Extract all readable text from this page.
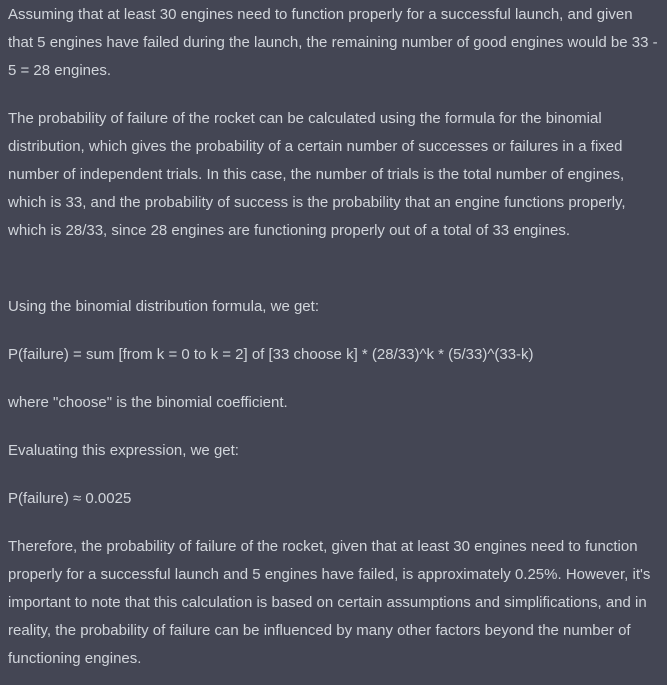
Assuming that at least 30 engines need to function properly for a successful launch, and given that 5 engines have failed during the launch, the remaining number of good engines would be 33 - 5 = 28 engines.

The probability of failure of the rocket can be calculated using the formula for the binomial distribution, which gives the probability of a certain number of successes or failures in a fixed number of independent trials. In this case, the number of trials is the total number of engines, which is 33, and the probability of success is the probability that an engine functions properly, which is 28/33, since 28 engines are functioning properly out of a total of 33 engines.

Using the binomial distribution formula, we get:

P(failure) = sum [from k = 0 to k = 2] of [33 choose k] * (28/33)^k * (5/33)^(33-k)

where "choose" is the binomial coefficient.

Evaluating this expression, we get:

P(failure) ≈ 0.0025

Therefore, the probability of failure of the rocket, given that at least 30 engines need to function properly for a successful launch and 5 engines have failed, is approximately 0.25%. However, it's important to note that this calculation is based on certain assumptions and simplifications, and in reality, the probability of failure can be influenced by many other factors beyond the number of functioning engines.
